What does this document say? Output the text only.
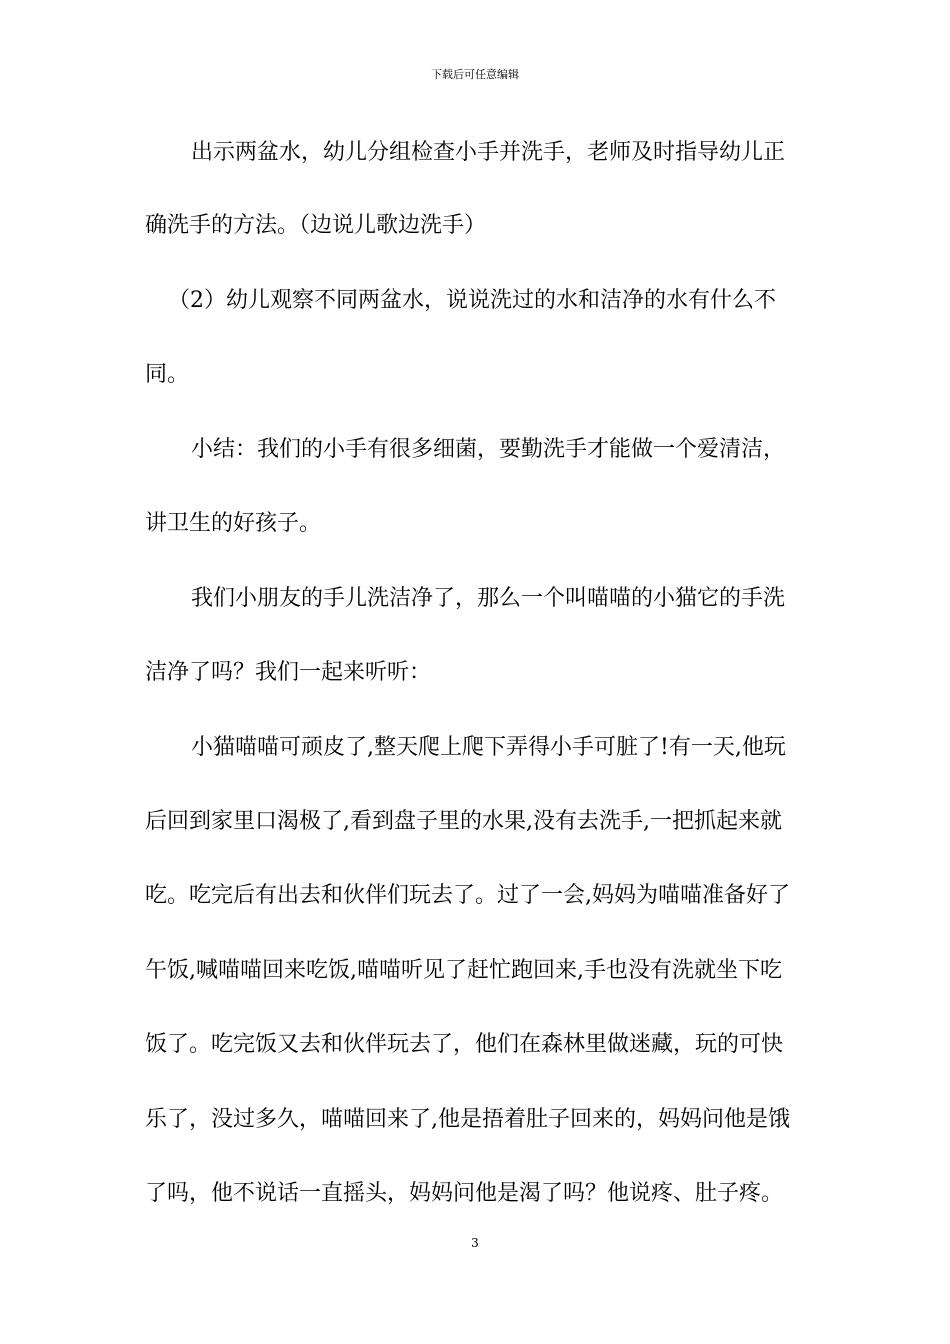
下载后可任意编辑
出示两盆水，幼儿分组检查小手并洗手，老师及时指导幼儿正
确洗手的方法。（边说儿歌边洗手）
（2）幼儿观察不同两盆水，说说洗过的水和洁净的水有什么不
同。
小结：我们的小手有很多细菌，要勤洗手才能做一个爱清洁，
讲卫生的好孩子。
我们小朋友的手儿洗洁净了，那么一个叫喵喵的小猫它的手洗
洁净了吗？我们一起来听听：
小猫喵喵可顽皮了,整天爬上爬下弄得小手可脏了!有一天,他玩
后回到家里口渴极了,看到盘子里的水果,没有去洗手,一把抓起来就
吃。吃完后有出去和伙伴们玩去了。过了一会,妈妈为喵喵准备好了
午饭,喊喵喵回来吃饭,喵喵听见了赶忙跑回来,手也没有洗就坐下吃
饭了。吃完饭又去和伙伴玩去了，他们在森林里做迷藏，玩的可快
乐了，没过多久，喵喵回来了,他是捂着肚子回来的，妈妈问他是饿
了吗，他不说话一直摇头，妈妈问他是渴了吗？他说疼、肚子疼。
3
